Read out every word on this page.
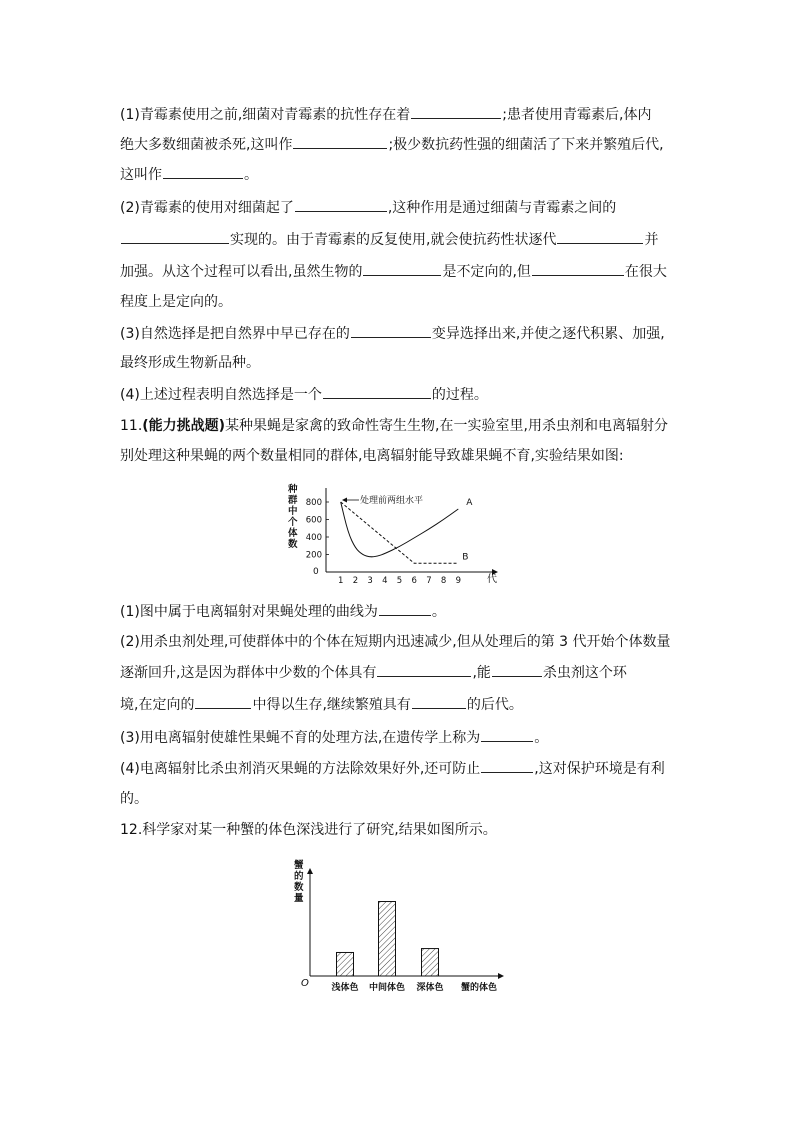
(1)青霉素使用之前,细菌对青霉素的抗性存在着	;患者使用青霉素后,体内
绝大多数细菌被杀死,这叫作	;极少数抗药性强的细菌活了下来并繁殖后代,
这叫作	。
(2)青霉素的使用对细菌起了	,这种作用是通过细菌与青霉素之间的
实现的。由于青霉素的反复使用,就会使抗药性状逐代	并
加强。从这个过程可以看出,虽然生物的	是不定向的,但	在很大
程度上是定向的。
(3)自然选择是把自然界中早已存在的	变异选择出来,并使之逐代积累、加强,
最终形成生物新品种。
(4)上述过程表明自然选择是一个	的过程。
11.(能力挑战题)某种果蝇是家禽的致命性寄生生物,在一实验室里,用杀虫剂和电离辐射分
别处理这种果蝇的两个数量相同的群体,电离辐射能导致雄果蝇不育,实验结果如图:
种
群
中
个
体
数
代
0
200
400
600
800
1 2 3 4 5 6 7 8 9
A
B
处理前两组水平
(1)图中属于电离辐射对果蝇处理的曲线为	。
(2)用杀虫剂处理,可使群体中的个体在短期内迅速减少,但从处理后的第 3 代开始个体数量
逐渐回升,这是因为群体中少数的个体具有	,能	杀虫剂这个环
境,在定向的	中得以生存,继续繁殖具有	的后代。
(3)用电离辐射使雄性果蝇不育的处理方法,在遗传学上称为	。
(4)电离辐射比杀虫剂消灭果蝇的方法除效果好外,还可防止	,这对保护环境是有利
的。
12.科学家对某一种蟹的体色深浅进行了研究,结果如图所示。
蟹
的
数
量
O	浅体色 中间体色 深体色 蟹的体色
